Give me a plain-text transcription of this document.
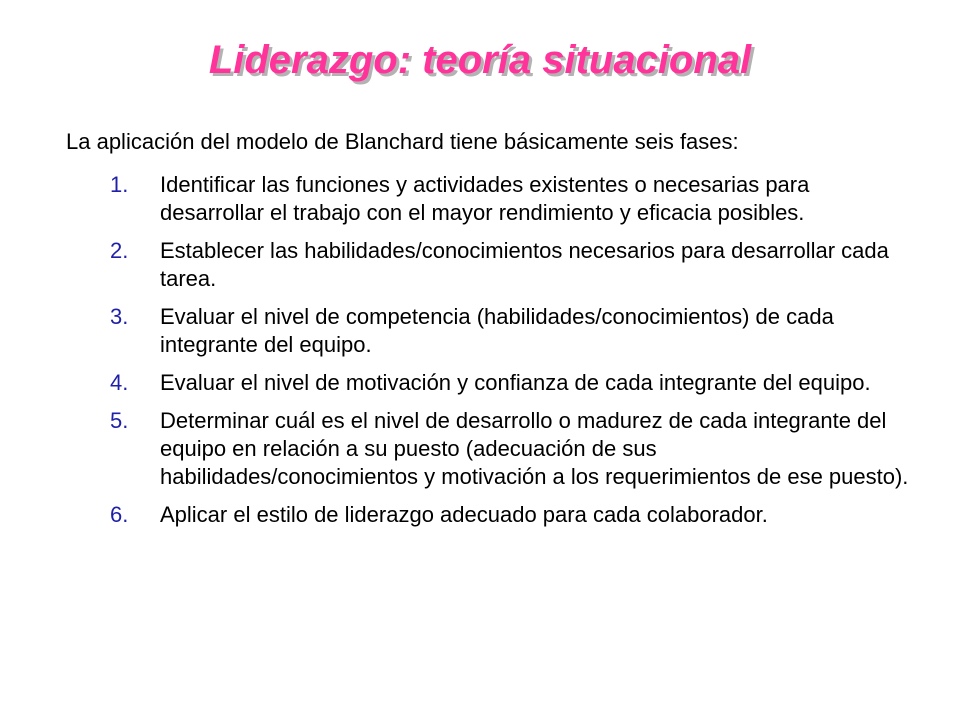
Liderazgo: teoría situacional
La aplicación del modelo de Blanchard tiene básicamente seis fases:
1. Identificar las funciones y actividades existentes o necesarias para desarrollar el trabajo con el mayor rendimiento y eficacia posibles.
2. Establecer las habilidades/conocimientos necesarios para desarrollar cada tarea.
3. Evaluar el nivel de competencia (habilidades/conocimientos) de cada integrante del equipo.
4. Evaluar el nivel de motivación y confianza de cada integrante del equipo.
5. Determinar cuál es el nivel de desarrollo o madurez de cada integrante del equipo en relación a su puesto (adecuación de sus habilidades/conocimientos y motivación a los requerimientos de ese puesto).
6. Aplicar el estilo de liderazgo adecuado para cada colaborador.
